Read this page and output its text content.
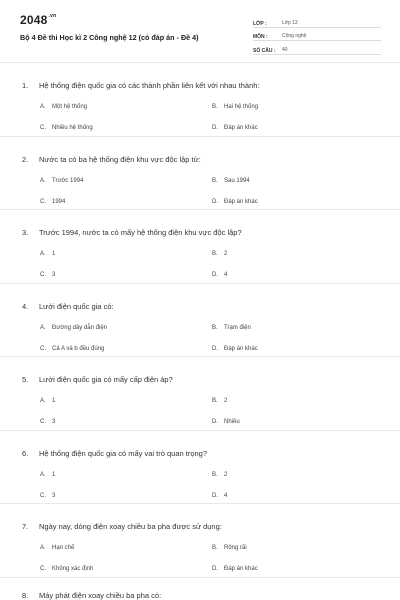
$2048^{.vn}$
Bộ 4 Đề thi Học kì 2 Công nghệ 12 (có đáp án - Đề 4)
LỚP :	Lớp 12
MÔN :	Công nghệ
SỐ CÂU :	40
1. Hệ thống điện quốc gia có các thành phần liên kết với nhau thành:
A. Một hệ thống	B. Hai hệ thống
C. Nhiều hệ thống	D. Đáp án khác
2. Nước ta có ba hệ thống điện khu vực độc lập từ:
A. Trước 1994	B. Sau 1994
C. 1994	D. Đáp án khác
3. Trước 1994, nước ta có mấy hệ thống điện khu vực độc lập?
A. 1	B. 2
C. 3	D. 4
4. Lưới điện quốc gia có:
A. Đường dây dẫn điện	B. Trạm điện
C. Cả A và b đều đúng	D. Đáp án khác
5. Lưới điện quốc gia có mấy cấp điện áp?
A. 1	B. 2
C. 3	D. Nhiều
6. Hệ thống điện quốc gia có mấy vai trò quan trọng?
A. 1	B. 2
C. 3	D. 4
7. Ngày nay, dòng điện xoay chiều ba pha được sử dụng:
A. Hạn chế	B. Rộng rãi
C. Không xác định	D. Đáp án khác
8. Máy phát điện xoay chiều ba pha có:
